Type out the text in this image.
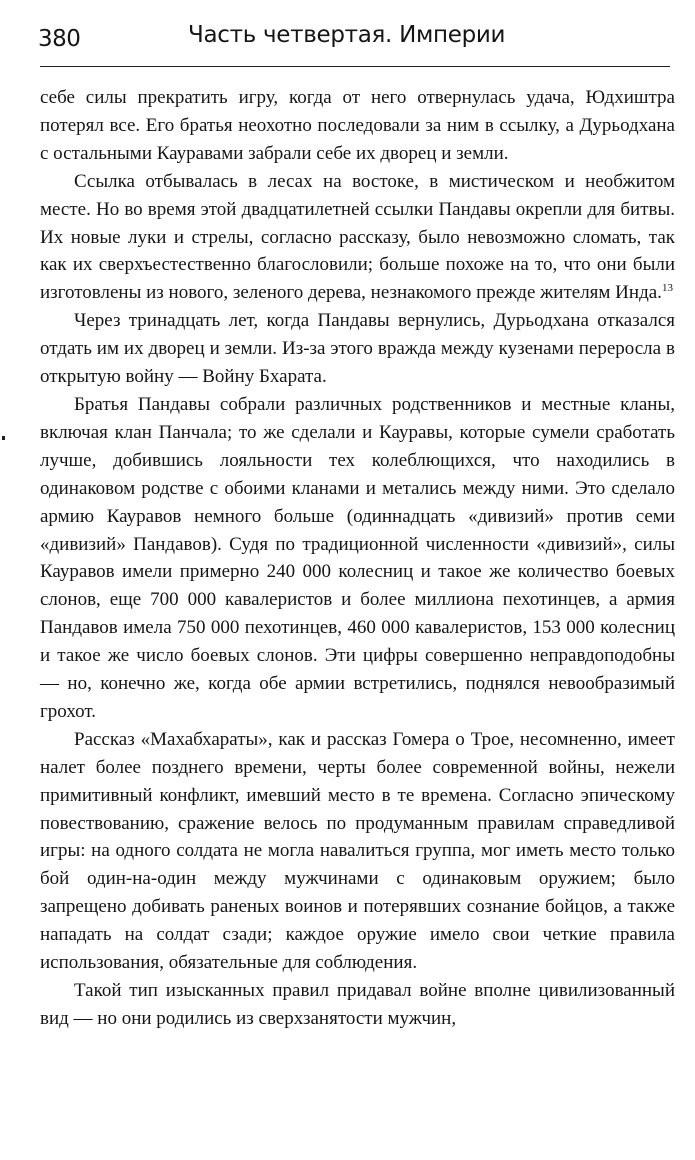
380	Часть четвертая. Империи

себе силы прекратить игру, когда от него отвернулась удача, Юдхиштра потерял все. Его братья неохотно последовали за ним в ссылку, а Дурьодхана с остальными Кауравами забрали себе их дворец и земли.

Ссылка отбывалась в лесах на востоке, в мистическом и необжитом месте. Но во время этой двадцатилетней ссылки Пандавы окрепли для битвы. Их новые луки и стрелы, согласно рассказу, было невозможно сломать, так как их сверхъестественно благословили; больше похоже на то, что они были изготовлены из нового, зеленого дерева, незнакомого прежде жителям Инда.$^{13}$

Через тринадцать лет, когда Пандавы вернулись, Дурьодхана отказался отдать им их дворец и земли. Из-за этого вражда между кузенами переросла в открытую войну — Войну Бхарата.

Братья Пандавы собрали различных родственников и местные кланы, включая клан Панчала; то же сделали и Кауравы, которые сумели сработать лучше, добившись лояльности тех колеблющихся, что находились в одинаковом родстве с обоими кланами и метались между ними. Это сделало армию Кауравов немного больше (одиннадцать «дивизий» против семи «дивизий» Пандавов). Судя по традиционной численности «дивизий», силы Кауравов имели примерно 240 000 колесниц и такое же количество боевых слонов, еще 700 000 кавалеристов и более миллиона пехотинцев, а армия Пандавов имела 750 000 пехотинцев, 460 000 кавалеристов, 153 000 колесниц и такое же число боевых слонов. Эти цифры совершенно неправдоподобны — но, конечно же, когда обе армии встретились, поднялся невообразимый грохот.

Рассказ «Махабхараты», как и рассказ Гомера о Трое, несомненно, имеет налет более позднего времени, черты более современной войны, нежели примитивный конфликт, имевший место в те времена. Согласно эпическому повествованию, сражение велось по продуманным правилам справедливой игры: на одного солдата не могла навалиться группа, мог иметь место только бой один-на-один между мужчинами с одинаковым оружием; было запрещено добивать раненых воинов и потерявших сознание бойцов, а также нападать на солдат сзади; каждое оружие имело свои четкие правила использования, обязательные для соблюдения.

Такой тип изысканных правил придавал войне вполне цивилизованный вид — но они родились из сверхзанятости мужчин,
